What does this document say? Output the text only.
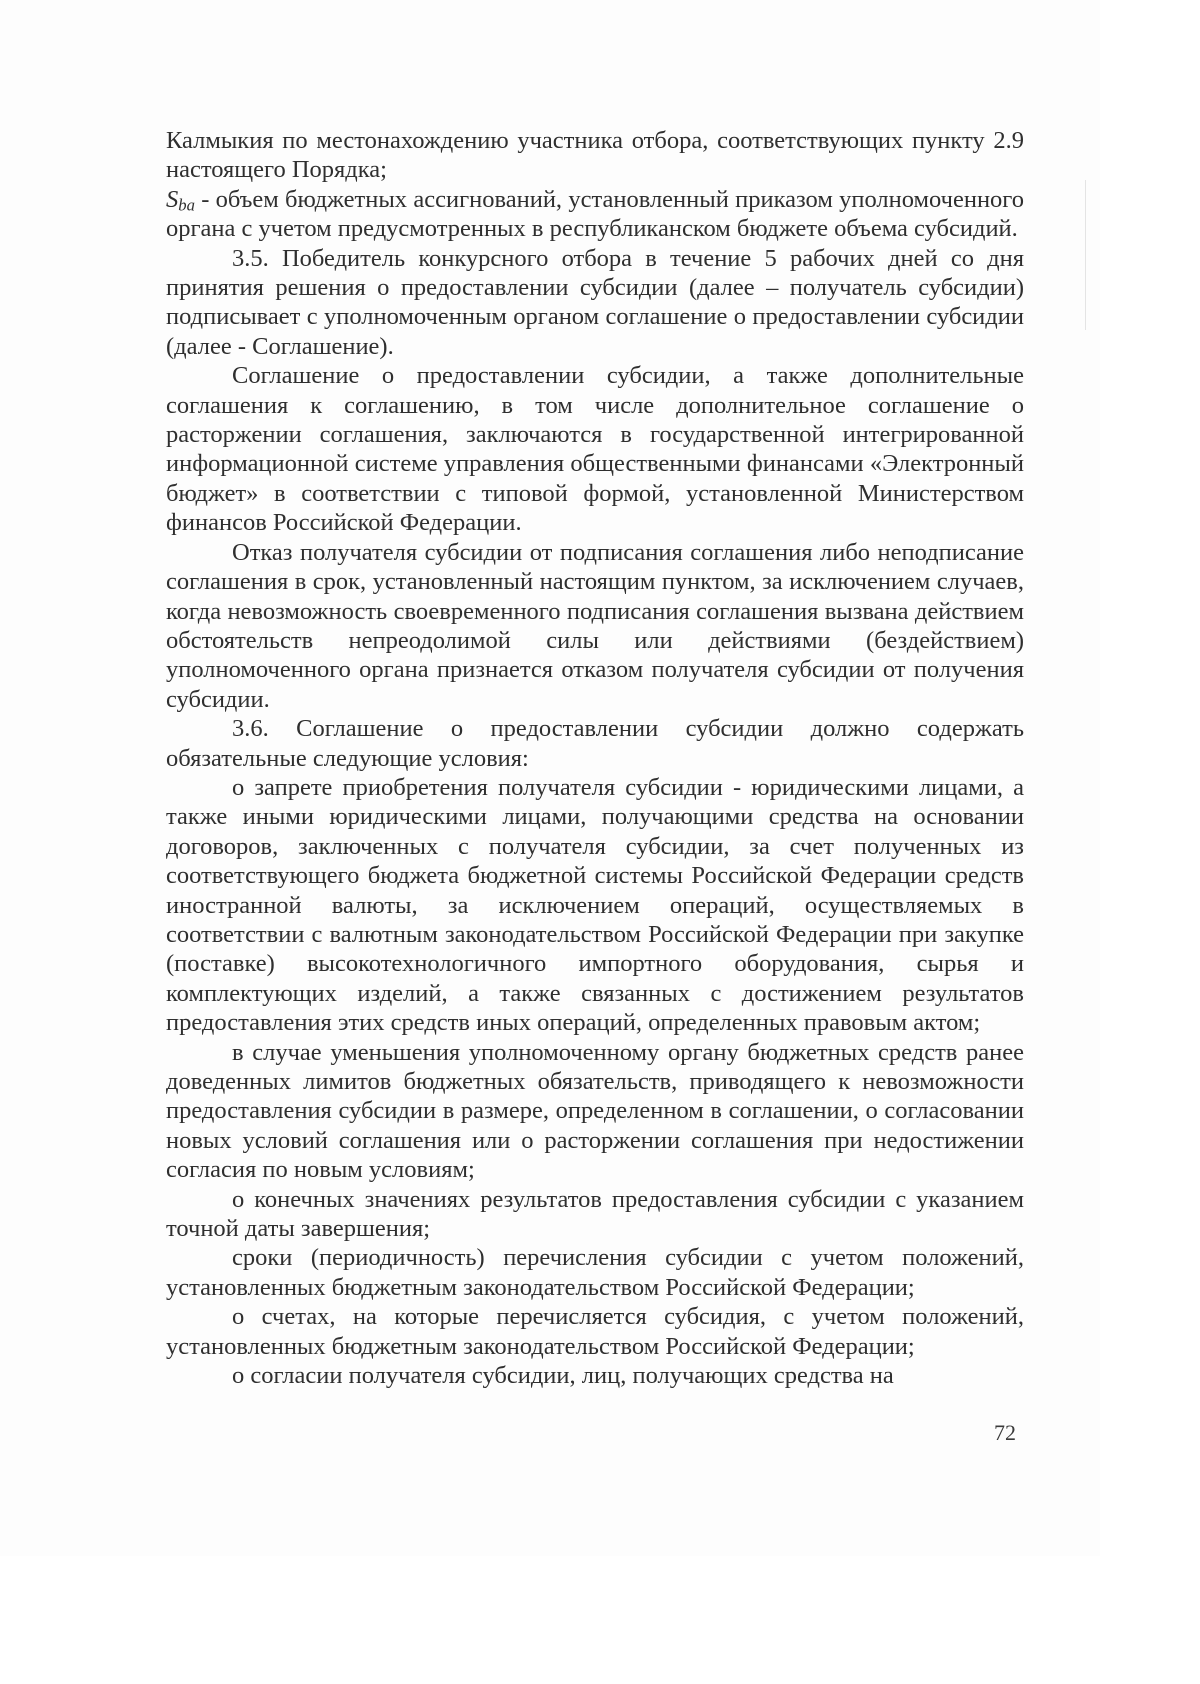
Калмыкия по местонахождению участника отбора, соответствующих пункту 2.9 настоящего Порядка;

$S_{ba}$ - объем бюджетных ассигнований, установленный приказом уполномоченного органа с учетом предусмотренных в республиканском бюджете объема субсидий.

3.5. Победитель конкурсного отбора в течение 5 рабочих дней со дня принятия решения о предоставлении субсидии (далее – получатель субсидии) подписывает с уполномоченным органом соглашение о предоставлении субсидии (далее - Соглашение).

Соглашение о предоставлении субсидии, а также дополнительные соглашения к соглашению, в том числе дополнительное соглашение о расторжении соглашения, заключаются в государственной интегрированной информационной системе управления общественными финансами «Электронный бюджет» в соответствии с типовой формой, установленной Министерством финансов Российской Федерации.

Отказ получателя субсидии от подписания соглашения либо неподписание соглашения в срок, установленный настоящим пунктом, за исключением случаев, когда невозможность своевременного подписания соглашения вызвана действием обстоятельств непреодолимой силы или действиями (бездействием) уполномоченного органа признается отказом получателя субсидии от получения субсидии.

3.6. Соглашение о предоставлении субсидии должно содержать обязательные следующие условия:

о запрете приобретения получателя субсидии - юридическими лицами, а также иными юридическими лицами, получающими средства на основании договоров, заключенных с получателя субсидии, за счет полученных из соответствующего бюджета бюджетной системы Российской Федерации средств иностранной валюты, за исключением операций, осуществляемых в соответствии с валютным законодательством Российской Федерации при закупке (поставке) высокотехнологичного импортного оборудования, сырья и комплектующих изделий, а также связанных с достижением результатов предоставления этих средств иных операций, определенных правовым актом;

в случае уменьшения уполномоченному органу бюджетных средств ранее доведенных лимитов бюджетных обязательств, приводящего к невозможности предоставления субсидии в размере, определенном в соглашении, о согласовании новых условий соглашения или о расторжении соглашения при недостижении согласия по новым условиям;

о конечных значениях результатов предоставления субсидии с указанием точной даты завершения;

сроки (периодичность) перечисления субсидии с учетом положений, установленных бюджетным законодательством Российской Федерации;

о счетах, на которые перечисляется субсидия, с учетом положений, установленных бюджетным законодательством Российской Федерации;

о согласии получателя субсидии, лиц, получающих средства на

72
